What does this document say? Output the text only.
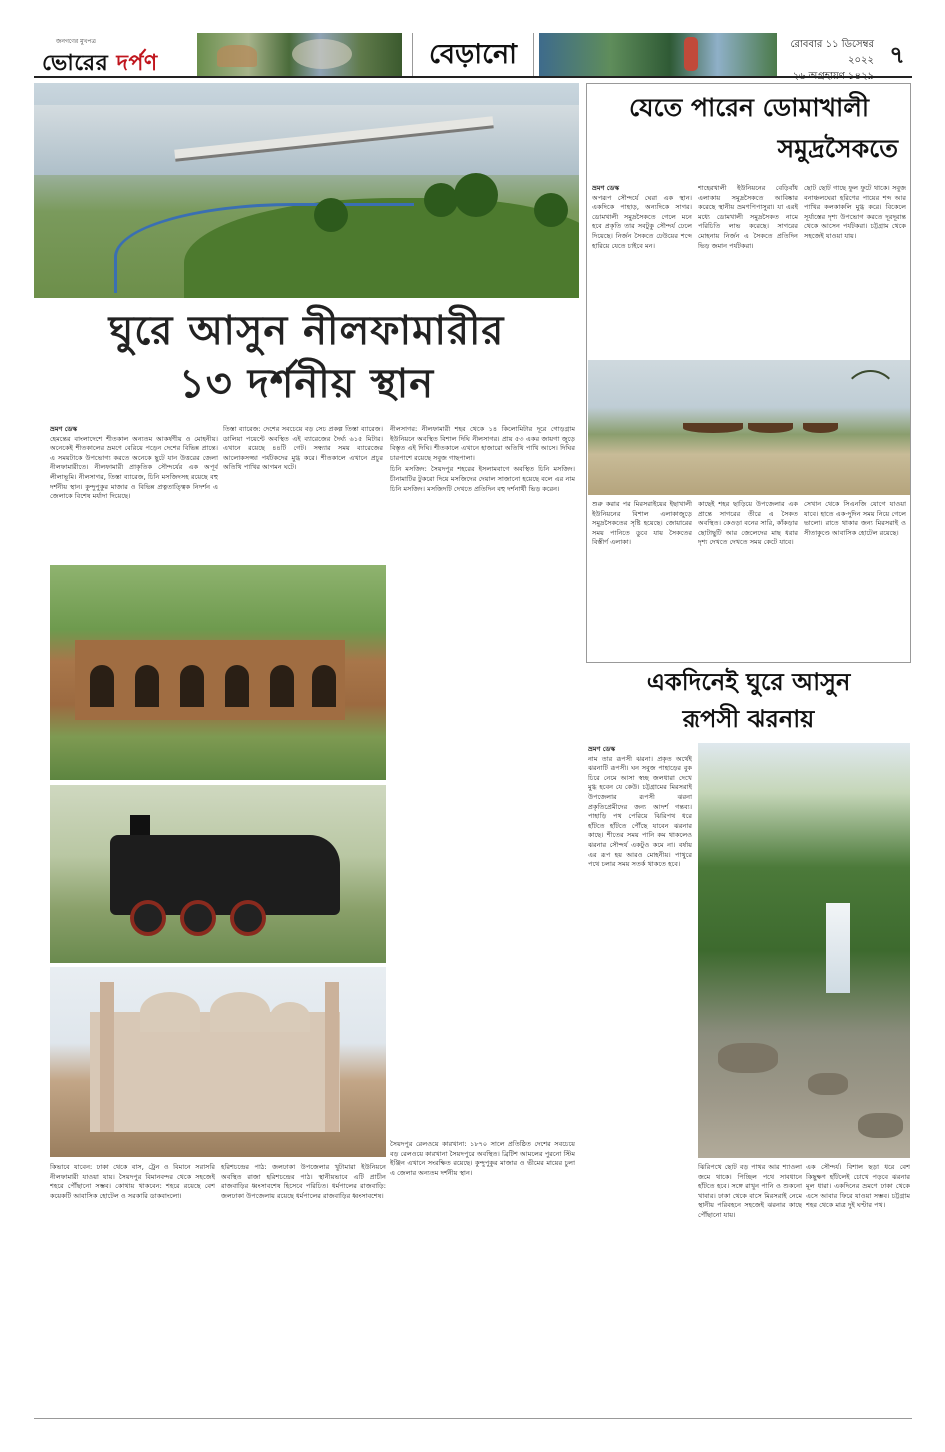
জনগণের মুখপত্র
ভোরের দর্পণ	বেড়ানো	রোববার ১১ ডিসেম্বর ২০২২
২৬ অগ্রহায়ণ ১৪২৯
৭
ঘুরে আসুন নীলফামারীর
১৩ দর্শনীয় স্থান
ভ্রমণ ডেস্ক

হেমন্তের বাংলাদেশে শীতকাল অন্যতম আকর্ষণীয় ও মোহনীয়। অনেকেই শীতকালের ভ্রমণে বেরিয়ে পড়েন দেশের বিভিন্ন প্রান্তে। এ সময়টাকে উপভোগ্য করতে অনেকে ছুটে যান উত্তরের জেলা নীলফামারীতে। নীলফামারী প্রাকৃতিক সৌন্দর্যের এক অপূর্ব লীলাভূমি। নীলসাগর, তিস্তা ব্যারেজ, চিনি মসজিদসহ রয়েছে বহু দর্শনীয় স্থান। কুন্দুপুকুর মাজার ও বিভিন্ন প্রত্নতাত্ত্বিক নিদর্শন এ জেলাকে বিশেষ মর্যাদা দিয়েছে।

তিস্তা ব্যারেজ: দেশের সবচেয়ে বড় সেচ প্রকল্প তিস্তা ব্যারেজ। ডালিয়া পয়েন্টে অবস্থিত এই ব্যারেজের দৈর্ঘ্য ৬১৫ মিটার। এখানে রয়েছে ৪৪টি গেট। সন্ধ্যার সময় ব্যারেজের আলোকসজ্জা পর্যটকদের মুগ্ধ করে। শীতকালে এখানে প্রচুর অতিথি পাখির আগমন ঘটে।

নীলসাগর: নীলফামারী শহর থেকে ১৪ কিলোমিটার দূরে গোড়গ্রাম ইউনিয়নে অবস্থিত বিশাল দিঘি নীলসাগর। প্রায় ৫৩ একর জায়গা জুড়ে বিস্তৃত এই দিঘি। শীতকালে এখানে হাজারো অতিথি পাখি আসে। দিঘির চারপাশে রয়েছে সবুজ গাছপালা।

চিনি মসজিদ: সৈয়দপুর শহরের ইসলামবাগে অবস্থিত চিনি মসজিদ। চীনামাটির টুকরো দিয়ে মসজিদের দেয়াল সাজানো হয়েছে বলে এর নাম চিনি মসজিদ। মসজিদটি দেখতে প্রতিদিন বহু দর্শনার্থী ভিড় করেন।

কিভাবে যাবেন: ঢাকা থেকে বাস, ট্রেন ও বিমানে সরাসরি নীলফামারী যাওয়া যায়। সৈয়দপুর বিমানবন্দর থেকে সহজেই শহরে পৌঁছানো সম্ভব। কোথায় থাকবেন: শহরে রয়েছে বেশ কয়েকটি আবাসিক হোটেল ও সরকারি ডাকবাংলো।

হরিশচন্দ্রের পাঠ: জলঢাকা উপজেলার খুটামারা ইউনিয়নে অবস্থিত রাজা হরিশচন্দ্রের পাঠ। স্থানীয়ভাবে এটি প্রাচীন রাজবাড়ির ধ্বংসাবশেষ হিসেবে পরিচিত। ধর্মপালের রাজবাড়ি: জলঢাকা উপজেলায় রয়েছে ধর্মপালের রাজবাড়ির ধ্বংসাবশেষ।

সৈয়দপুর রেলওয়ে কারখানা: ১৮৭০ সালে প্রতিষ্ঠিত দেশের সবচেয়ে বড় রেলওয়ে কারখানা সৈয়দপুরে অবস্থিত। ব্রিটিশ আমলের পুরনো স্টিম ইঞ্জিন এখানে সংরক্ষিত রয়েছে। কুন্দুপুকুর মাজার ও ভীমের মায়ের চুলা এ জেলার অন্যতম দর্শনীয় স্থান।

যেতে পারেন ডোমাখালী
সমুদ্রসৈকতে
ভ্রমণ ডেস্ক

অপরূপ সৌন্দর্যে ঘেরা এক স্থান। একদিকে পাহাড়, অন্যদিকে সাগর। ডোমখালী সমুদ্রসৈকতে গেলে মনে হবে প্রকৃতি তার সবটুকু সৌন্দর্য ঢেলে দিয়েছে। নির্জন সৈকতে ঢেউয়ের শব্দে হারিয়ে যেতে চাইবে মন।

শাহেরখালী ইউনিয়নের বেড়িবাঁধ এলাকায় সমুদ্রসৈকতে আবিষ্কার করেছে স্থানীয় ভ্রমণপিপাসুরা। যা এরই মধ্যে ডোমখালী সমুদ্রসৈকত নামে পরিচিতি লাভ করেছে। সাগরের মোহনায় নির্জন এ সৈকতে প্রতিদিন ভিড় জমান পর্যটকরা।

ছোট ছোট গাছে ফুল ফুটে থাকে। সবুজ বনাঞ্চলঘেরা হরিণের পায়ের শব্দ আর পাখির কলকাকলি মুগ্ধ করে। বিকেলে সূর্যাস্তের দৃশ্য উপভোগ করতে দূরদূরান্ত থেকে আসেন পর্যটকরা। চট্টগ্রাম থেকে সহজেই যাওয়া যায়।

শুরু করার পর মিরসরাইয়ের ইছাখালী ইউনিয়নের বিশাল এলাকাজুড়ে সমুদ্রসৈকতের সৃষ্টি হয়েছে। জোয়ারের সময় পানিতে ডুবে যায় সৈকতের বিস্তীর্ণ এলাকা।

কাছেই শহর ছাড়িয়ে উপজেলার এক প্রান্তে সাগরের তীরে এ সৈকত অবস্থিত। কেওড়া বনের সারি, কাঁকড়ার ছোটাছুটি আর জেলেদের মাছ ধরার দৃশ্য দেখতে দেখতে সময় কেটে যাবে।

সেখান থেকে সিএনজি যোগে যাওয়া যাবে। হাতে এক-দুদিন সময় নিয়ে গেলে ভালো। রাতে থাকার জন্য মিরসরাই ও সীতাকুণ্ডে আবাসিক হোটেল রয়েছে।

একদিনেই ঘুরে আসুন
রূপসী ঝরনায়
ভ্রমণ ডেস্ক

নাম তার রূপসী ঝরনা। প্রকৃত অর্থেই ঝরনাটি রূপসী। ঘন সবুজ পাহাড়ের বুক চিরে নেমে আসা স্বচ্ছ জলধারা দেখে মুগ্ধ হবেন যে কেউ। চট্টগ্রামের মিরসরাই উপজেলার রূপসী ঝরনা প্রকৃতিপ্রেমীদের জন্য আদর্শ গন্তব্য। পাহাড়ি পথ পেরিয়ে ঝিরিপথ ধরে হাঁটতে হাঁটতে পৌঁছে যাবেন ঝরনার কাছে। শীতের সময় পানি কম থাকলেও ঝরনার সৌন্দর্য একটুও কমে না। বর্ষায় এর রূপ হয় আরও মোহনীয়। পাথুরে পথে চলার সময় সতর্ক থাকতে হবে।

ঝিরিপথে ছোট বড় পাথর আর শ্যাওলা জমে থাকে। পিচ্ছিল পথে সাবধানে হাঁটতে হবে। সঙ্গে রাখুন পানি ও শুকনো খাবার। ঢাকা থেকে বাসে মিরসরাই নেমে স্থানীয় পরিবহনে সহজেই ঝরনার কাছে পৌঁছানো যায়।

এক সৌন্দর্য। বিশাল ছড়া ধরে বেশ কিছুক্ষণ হাঁটলেই চোখে পড়বে ঝরনার মূল ধারা। একদিনের ভ্রমণে ঢাকা থেকে এসে আবার ফিরে যাওয়া সম্ভব। চট্টগ্রাম শহর থেকে মাত্র দুই ঘণ্টার পথ।
